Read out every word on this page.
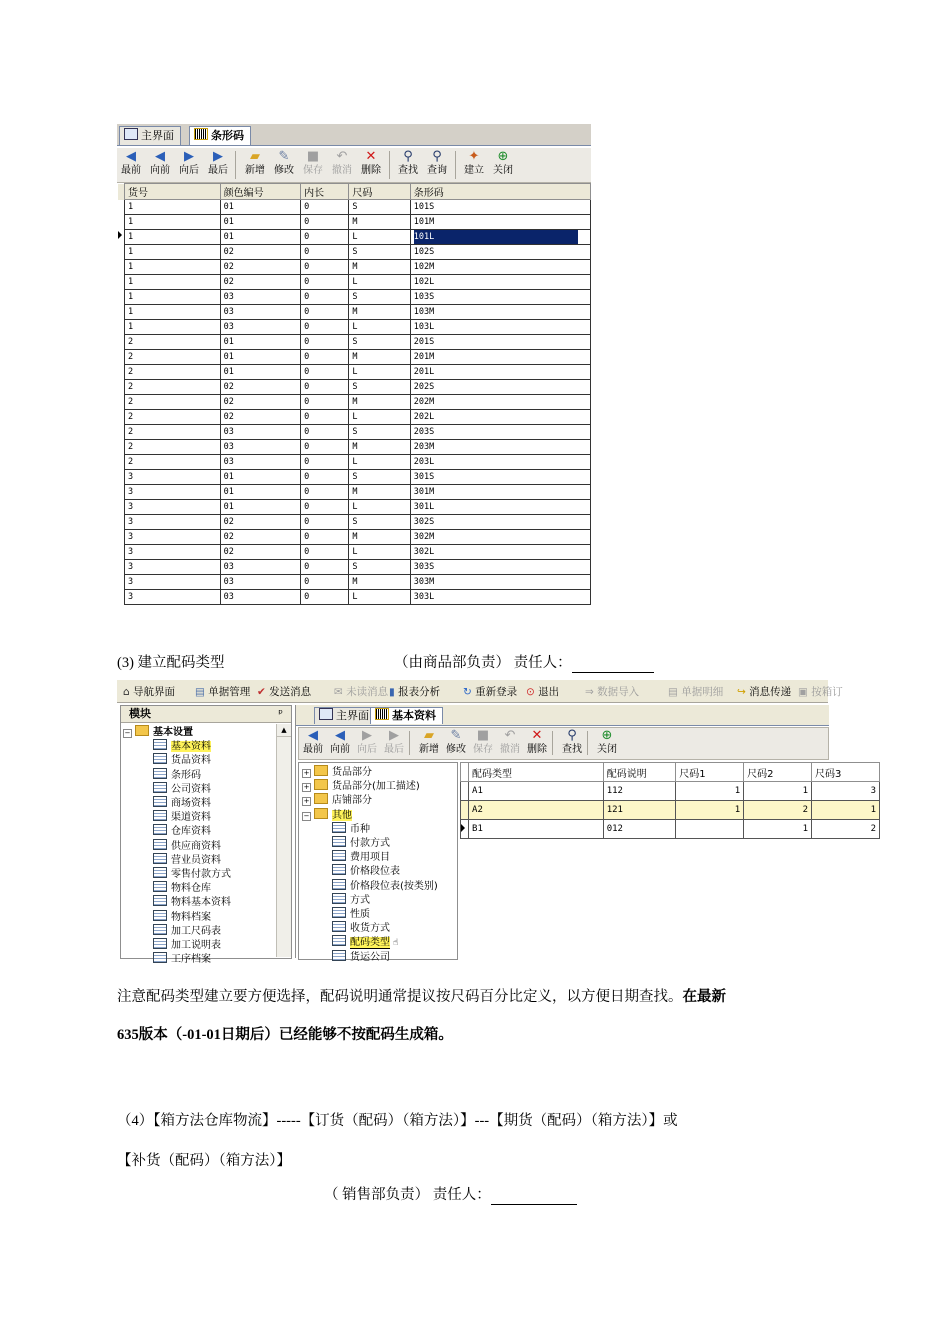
主界面	条形码
◀
最前
◀
向前
▶
向后
▶
最后
▰
新增
✎
修改
■
保存
↶
撤消
✕
删除
⚲
查找
⚲
查询
✦
建立
⊕
关闭
	货号	颜色编号	内长	尺码	条形码
	1	01	0	S	101S
	1	01	0	M	101M
	1	01	0	L	101L
	1	02	0	S	102S
	1	02	0	M	102M
	1	02	0	L	102L
	1	03	0	S	103S
	1	03	0	M	103M
	1	03	0	L	103L
	2	01	0	S	201S
	2	01	0	M	201M
	2	01	0	L	201L
	2	02	0	S	202S
	2	02	0	M	202M
	2	02	0	L	202L
	2	03	0	S	203S
	2	03	0	M	203M
	2	03	0	L	203L
	3	01	0	S	301S
	3	01	0	M	301M
	3	01	0	L	301L
	3	02	0	S	302S
	3	02	0	M	302M
	3	02	0	L	302L
	3	03	0	S	303S
	3	03	0	M	303M
	3	03	0	L	303L
(3) 建立配码类型	（由商品部负责） 责任人：
⌂ 导航界面 ▤ 单据管理 ✔ 发送消息 ✉ 未读消息 ▮ 报表分析 ↻ 重新登录 ⊙ 退出 ⇒ 数据导入	▤ 单据明细 ↪ 消息传递 ▣ 按箱订
模块	ᵖ
− 基本设置
基本资料
货品资料
条形码
公司资料
商场资料
渠道资料
仓库资料
供应商资料
营业员资料
零售付款方式
物料仓库
物料基本资料
物料档案
加工尺码表
加工说明表
工序档案
▲
主界面	基本资料
◀
最前
◀
向前
▶
向后
▶
最后
▰
新增
✎
修改
■
保存
↶
撤消
✕
删除
⚲
查找
⊕
关闭
+ 货品部分
+ 货品部分(加工描述)
+ 店铺部分
− 其他
币种
付款方式
费用项目
价格段位表
价格段位表(按类别)
方式
性质
收货方式
配码类型 ☝
货运公司
	配码类型	配码说明	尺码1	尺码2	尺码3
	A1	112	1	1	3
	A2	121	1	2	1
	B1	012		1	2
注意配码类型建立要方便选择，配码说明通常提议按尺码百分比定义，以方便日期查找。在最新
635版本（-01-01日期后）已经能够不按配码生成箱。
（4）【箱方法仓库物流】-----【订货（配码）（箱方法）】---【期货（配码）（箱方法）】或
【补货（配码）（箱方法）】
（ 销售部负责） 责任人：
